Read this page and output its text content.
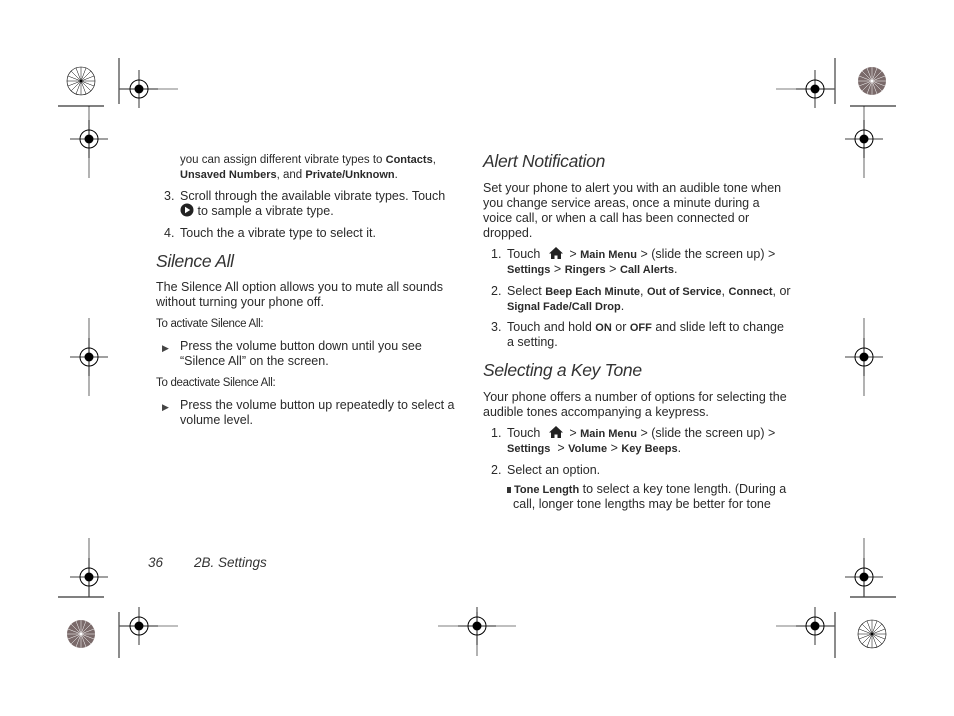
you can assign different vibrate types to Contacts,
Unsaved Numbers, and Private/Unknown.
3. Scroll through the available vibrate types. Touch
to sample a vibrate type.
4. Touch the a vibrate type to select it.
Silence All
The Silence All option allows you to mute all sounds
without turning your phone off.
To activate Silence All:
▶ Press the volume button down until you see
“Silence All” on the screen.
To deactivate Silence All:
▶ Press the volume button up repeatedly to select a
volume level.
Alert Notification
Set your phone to alert you with an audible tone when
you change service areas, once a minute during a
voice call, or when a call has been connected or
dropped.
1. Touch > Main Menu > (slide the screen up) >
Settings > Ringers > Call Alerts.
2. Select Beep Each Minute, Out of Service, Connect, or
Signal Fade/Call Drop.
3. Touch and hold ON or OFF and slide left to change
a setting.
Selecting a Key Tone
Your phone offers a number of options for selecting the
audible tones accompanying a keypress.
1. Touch > Main Menu > (slide the screen up) >
Settings > Volume > Key Beeps.
2. Select an option.
Tone Length to select a key tone length. (During a
call, longer tone lengths may be better for tone
36 2B. Settings
